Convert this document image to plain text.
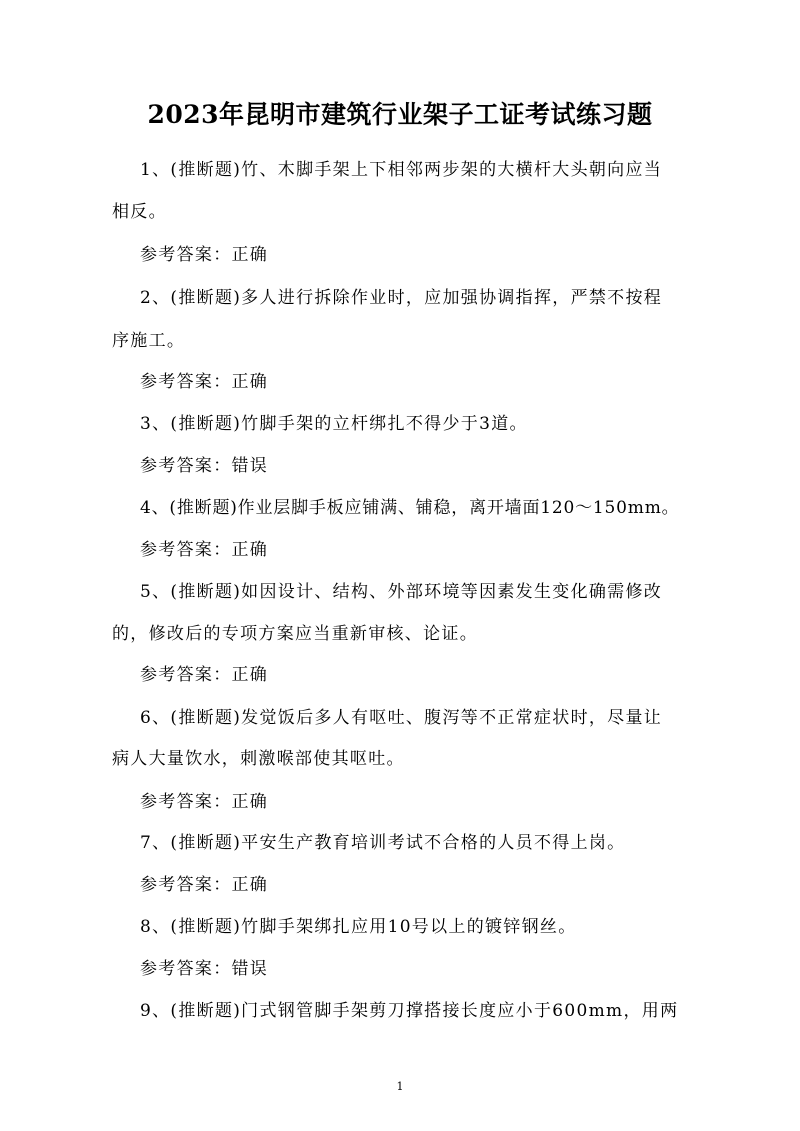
2023年昆明市建筑行业架子工证考试练习题
1、(推断题)竹、木脚手架上下相邻两步架的大横杆大头朝向应当
相反。
参考答案：正确
2、(推断题)多人进行拆除作业时，应加强协调指挥，严禁不按程
序施工。
参考答案：正确
3、(推断题)竹脚手架的立杆绑扎不得少于3道。
参考答案：错误
4、(推断题)作业层脚手板应铺满、铺稳，离开墙面120～150mm。
参考答案：正确
5、(推断题)如因设计、结构、外部环境等因素发生变化确需修改
的，修改后的专项方案应当重新审核、论证。
参考答案：正确
6、(推断题)发觉饭后多人有呕吐、腹泻等不正常症状时，尽量让
病人大量饮水，刺激喉部使其呕吐。
参考答案：正确
7、(推断题)平安生产教育培训考试不合格的人员不得上岗。
参考答案：正确
8、(推断题)竹脚手架绑扎应用10号以上的镀锌钢丝。
参考答案：错误
9、(推断题)门式钢管脚手架剪刀撑搭接长度应小于600mm，用两
1
